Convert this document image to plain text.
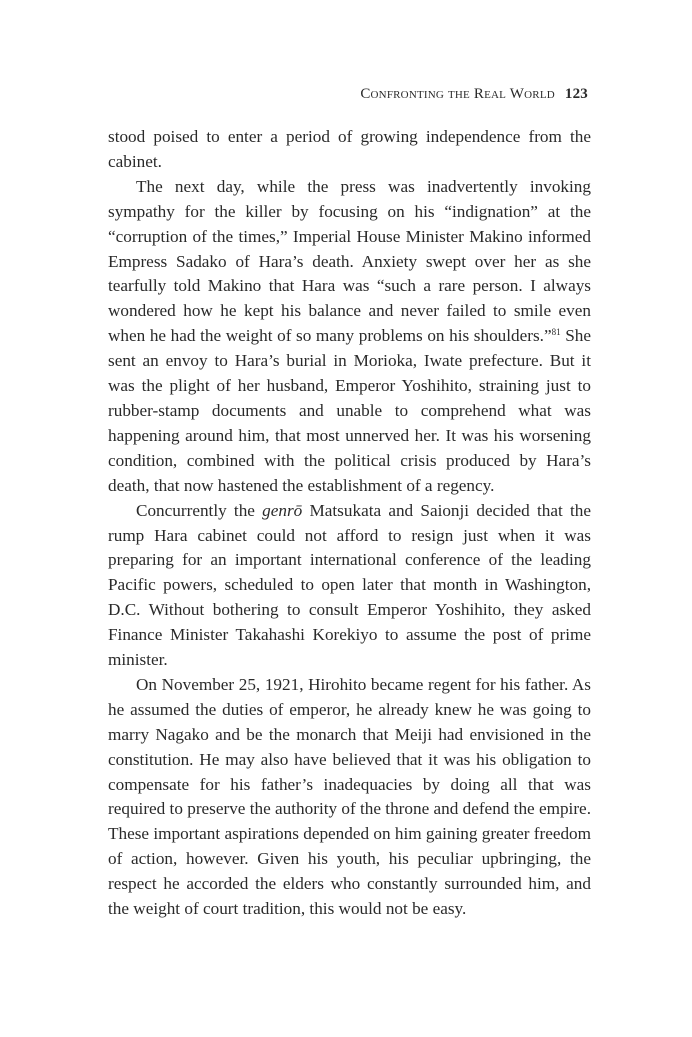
Confronting the Real World 123

stood poised to enter a period of growing independence from the cabinet.

The next day, while the press was inadvertently invoking sympathy for the killer by focusing on his “indignation” at the “corruption of the times,” Imperial House Minister Makino informed Empress Sadako of Hara’s death. Anxiety swept over her as she tearfully told Makino that Hara was “such a rare person. I always wondered how he kept his balance and never failed to smile even when he had the weight of so many problems on his shoulders.”$^{81}$ She sent an envoy to Hara’s burial in Morioka, Iwate prefecture. But it was the plight of her husband, Emperor Yoshihito, straining just to rubber-stamp documents and unable to comprehend what was happening around him, that most unnerved her. It was his worsening condition, combined with the political crisis produced by Hara’s death, that now hastened the establishment of a regency.

Concurrently the genrō Matsukata and Saionji decided that the rump Hara cabinet could not afford to resign just when it was preparing for an important international conference of the leading Pacific powers, scheduled to open later that month in Washington, D.C. Without bothering to consult Emperor Yoshihito, they asked Finance Minister Takahashi Korekiyo to assume the post of prime minister.

On November 25, 1921, Hirohito became regent for his father. As he assumed the duties of emperor, he already knew he was going to marry Nagako and be the monarch that Meiji had envisioned in the constitution. He may also have believed that it was his obligation to compensate for his father’s inadequacies by doing all that was required to preserve the authority of the throne and defend the empire. These important aspirations depended on him gaining greater freedom of action, however. Given his youth, his peculiar upbringing, the respect he accorded the elders who constantly surrounded him, and the weight of court tradition, this would not be easy.
